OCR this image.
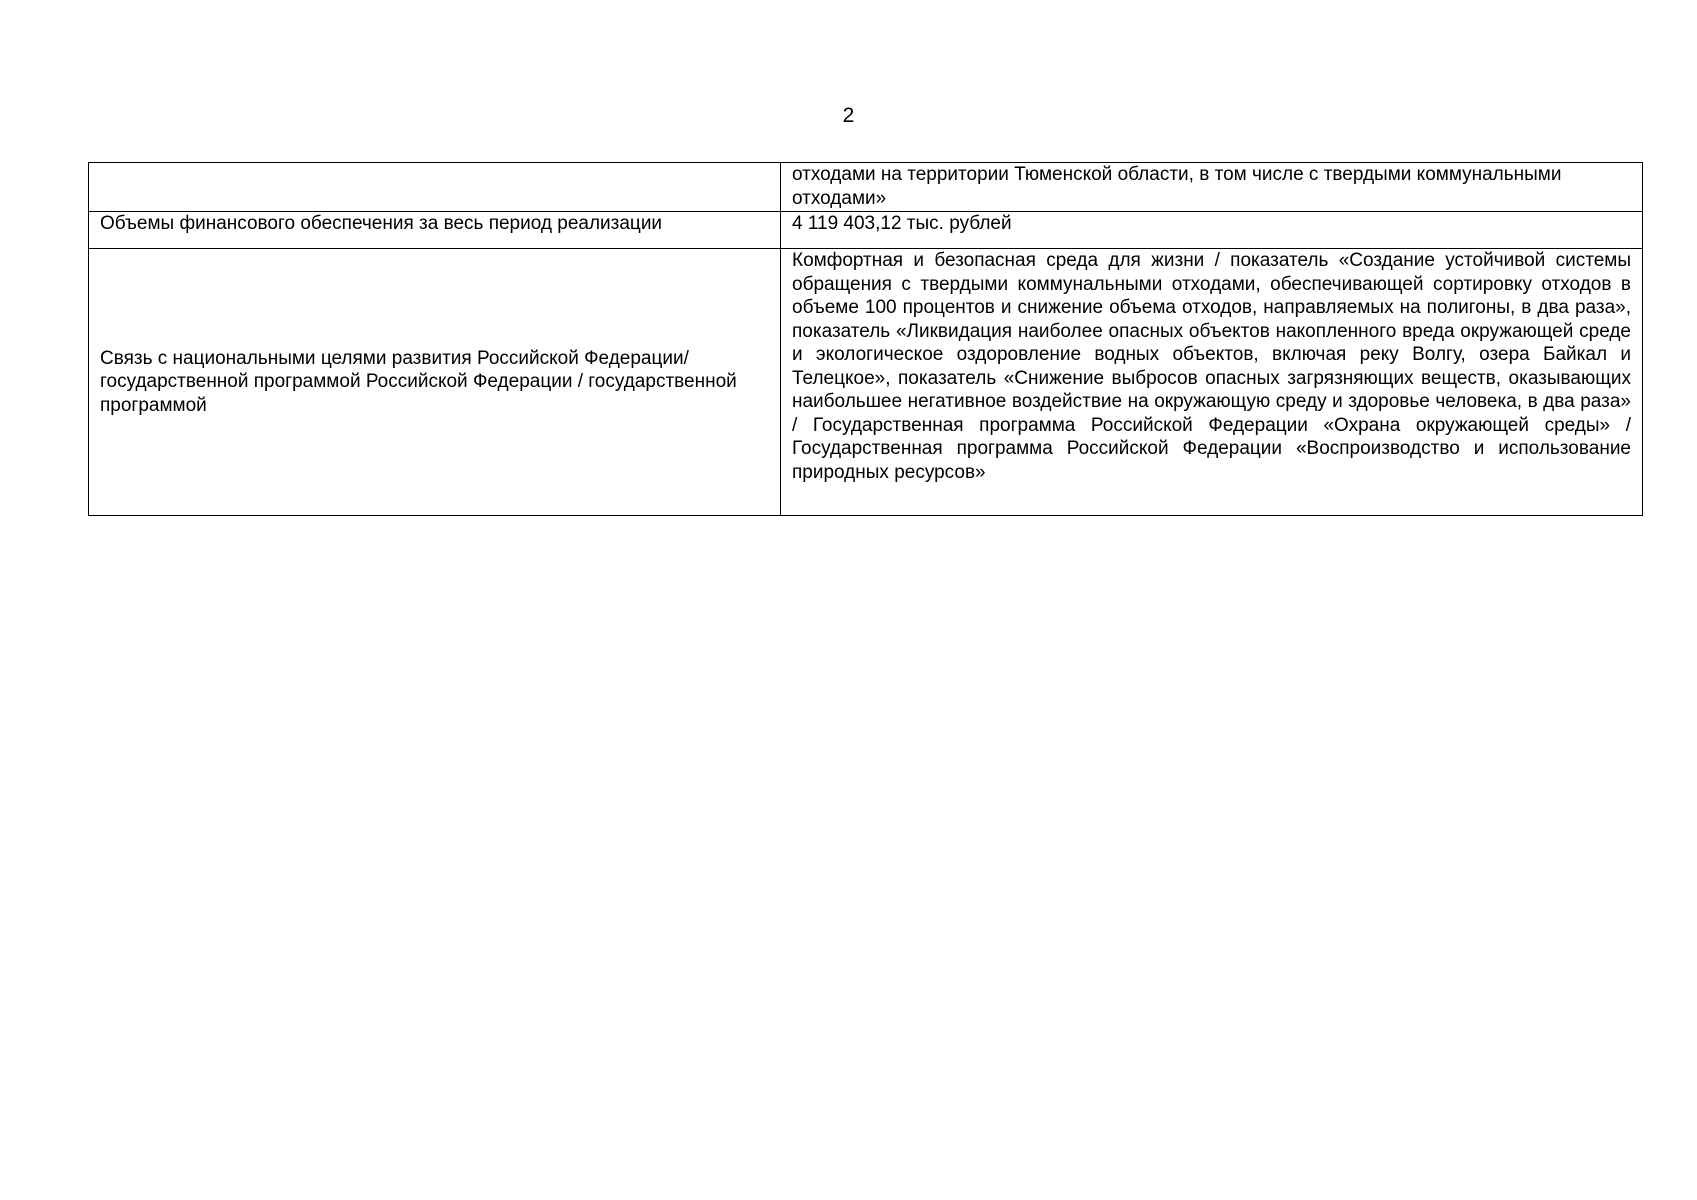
2
	отходами на территории Тюменской области, в том числе с твердыми коммунальными отходами»
Объемы финансового обеспечения за весь период реализации	4 119 403,12 тыс. рублей
Связь с национальными целями развития Российской Федерации/ государственной программой Российской Федерации / государственной программой	Комфортная и безопасная среда для жизни / показатель «Создание устойчивой системы обращения с твердыми коммунальными отходами, обеспечивающей сортировку отходов в объеме 100 процентов и снижение объема отходов, направляемых на полигоны, в два раза», показатель «Ликвидация наиболее опасных объектов накопленного вреда окружающей среде и экологическое оздоровление водных объектов, включая реку Волгу, озера Байкал и Телецкое», показатель «Снижение выбросов опасных загрязняющих веществ, оказывающих наибольшее негативное воздействие на окружающую среду и здоровье человека, в два раза» / Государственная программа Российской Федерации «Охрана окружающей среды» / Государственная программа Российской Федерации «Воспроизводство и использование природных ресурсов»
